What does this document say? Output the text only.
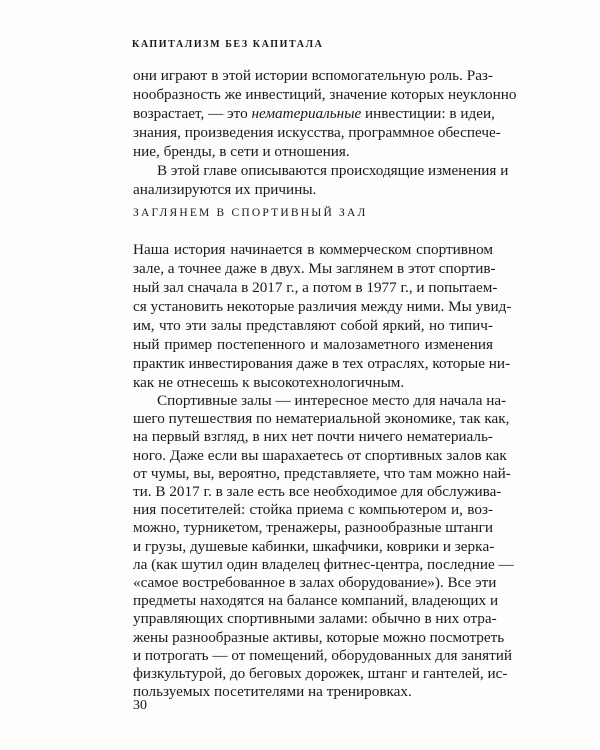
КАПИТАЛИЗМ БЕЗ КАПИТАЛА
они играют в этой истории вспомогательную роль. Раз-
нообразность же инвестиций, значение которых неуклонно
возрастает, — это нематериальные инвестиции: в идеи,
знания, произведения искусства, программное обеспече-
ние, бренды, в сети и отношения.
В этой главе описываются происходящие изменения и
анализируются их причины.
ЗАГЛЯНЕМ В СПОРТИВНЫЙ ЗАЛ
Наша история начинается в коммерческом спортивном
зале, а точнее даже в двух. Мы заглянем в этот спортив-
ный зал сначала в 2017 г., а потом в 1977 г., и попытаем-
ся установить некоторые различия между ними. Мы увид-
им, что эти залы представляют собой яркий, но типич-
ный пример постепенного и малозаметного изменения
практик инвестирования даже в тех отраслях, которые ни-
как не отнесешь к высокотехнологичным.
Спортивные залы — интересное место для начала на-
шего путешествия по нематериальной экономике, так как,
на первый взгляд, в них нет почти ничего нематериаль-
ного. Даже если вы шарахаетесь от спортивных залов как
от чумы, вы, вероятно, представляете, что там можно най-
ти. В 2017 г. в зале есть все необходимое для обслужива-
ния посетителей: стойка приема с компьютером и, воз-
можно, турникетом, тренажеры, разнообразные штанги
и грузы, душевые кабинки, шкафчики, коврики и зеркa-
ла (как шутил один владелец фитнес-центра, последние —
«самое востребованное в залах оборудование»). Все эти
предметы находятся на балансе компаний, владеющих и
управляющих спортивными залами: обычно в них отра-
жены разнообразные активы, которые можно посмотреть
и потрогать — от помещений, оборудованных для занятий
физкультурой, до беговых дорожек, штанг и гантелей, ис-
пользуемых посетителями на тренировках.
30
